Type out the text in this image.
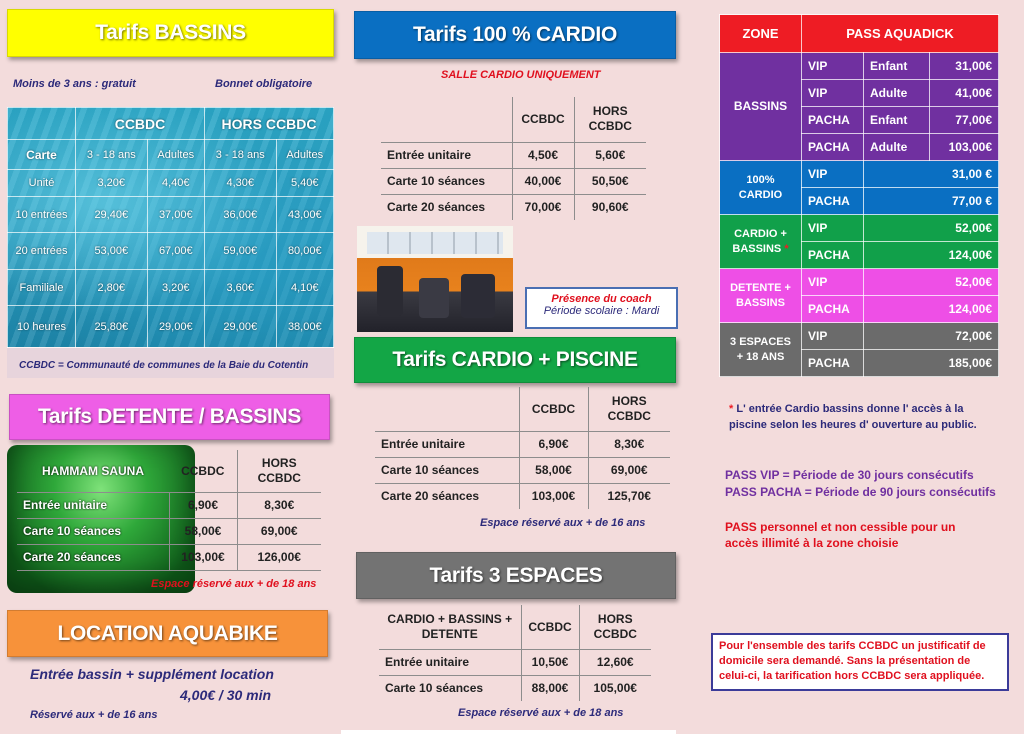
Tarifs BASSINS
Moins de 3 ans : gratuit	Bonnet obligatoire
	CCBDC		HORS CCBDC	
Carte	3 - 18 ans	Adultes	3 - 18 ans	Adultes
Unité	3,20€	4,40€	4,30€	5,40€
10 entrées	29,40€	37,00€	36,00€	43,00€
20 entrées	53,00€	67,00€	59,00€	80,00€
Familiale	2,80€	3,20€	3,60€	4,10€
10 heures	25,80€	29,00€	29,00€	38,00€
CCBDC = Communauté de communes de la Baie du Cotentin
Tarifs DETENTE / BASSINS
HAMMAM SAUNA	CCBDC	HORS CCBDC
Entrée unitaire	6,90€	8,30€
Carte 10 séances	58,00€	69,00€
Carte 20 séances	103,00€	126,00€
Espace réservé aux + de 18 ans
LOCATION AQUABIKE
Entrée bassin + supplément location
4,00€ / 30 min
Réservé aux + de 16 ans
Tarifs 100 % CARDIO
SALLE CARDIO UNIQUEMENT
	CCBDC	HORS CCBDC
Entrée unitaire	4,50€	5,60€
Carte 10 séances	40,00€	50,50€
Carte 20 séances	70,00€	90,60€
Présence du coach
Période scolaire : Mardi
Tarifs CARDIO + PISCINE
	CCBDC	HORS CCBDC
Entrée unitaire	6,90€	8,30€
Carte 10 séances	58,00€	69,00€
Carte 20 séances	103,00€	125,70€
Espace réservé aux + de 16 ans
Tarifs 3 ESPACES
CARDIO + BASSINS + DETENTE	CCBDC	HORS CCBDC
Entrée unitaire	10,50€	12,60€
Carte 10 séances	88,00€	105,00€
Espace réservé aux + de 18 ans
ZONE	PASS AQUADICK		
BASSINS	VIP	Enfant	31,00€
	VIP	Adulte	41,00€
	PACHA	Enfant	77,00€
	PACHA	Adulte	103,00€
100% CARDIO	VIP	31,00 €	
	PACHA	77,00 €	
CARDIO + BASSINS *	VIP	52,00€	
	PACHA	124,00€	
DETENTE + BASSINS	VIP	52,00€	
	PACHA	124,00€	
3 ESPACES + 18 ANS	VIP	72,00€	
	PACHA	185,00€	
* L' entrée Cardio bassins donne l' accès à la piscine selon les heures d' ouverture au public.
PASS VIP = Période de 30 jours consécutifs
PASS PACHA = Période de 90 jours consécutifs
PASS personnel et non cessible pour un accès illimité à la zone choisie
Pour l'ensemble des tarifs CCBDC un justificatif de domicile sera demandé. Sans la présentation de celui-ci, la tarification hors CCBDC sera appliquée.
